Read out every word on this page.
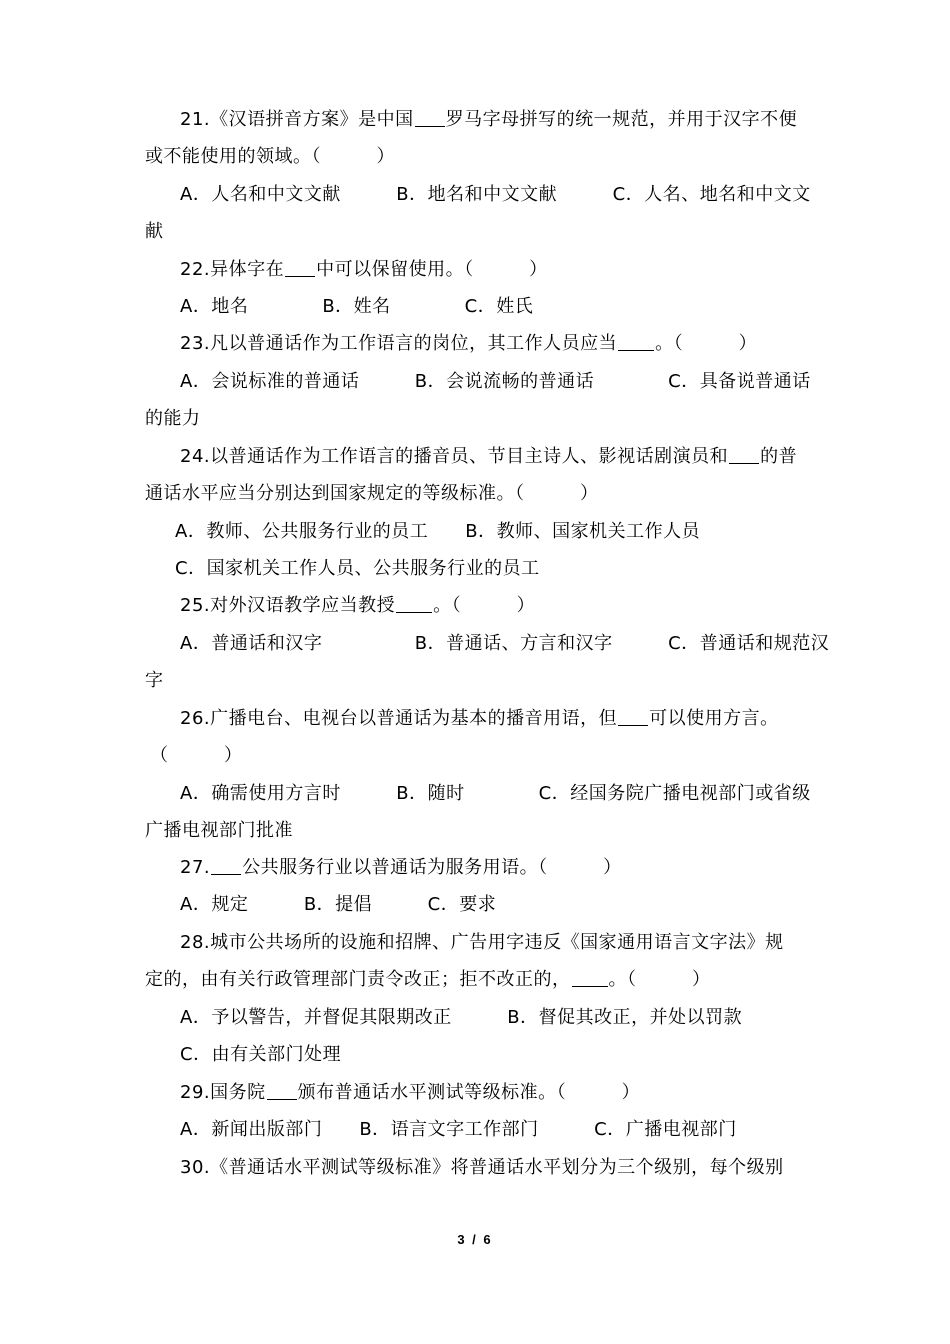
21.《汉语拼音方案》是中国 罗马字母拼写的统一规范，并用于汉字不便
或不能使用的领域。（　　　）
A．人名和中文文献　　　B．地名和中文文献　　　C．人名、地名和中文文
献
22.异体字在 中可以保留使用。（　　　）
A．地名　　　　B．姓名　　　　C．姓氏
23.凡以普通话作为工作语言的岗位，其工作人员应当 。（　　　）
A．会说标准的普通话　　　B．会说流畅的普通话　　　　C．具备说普通话
的能力
24.以普通话作为工作语言的播音员、节目主诗人、影视话剧演员和 的普
通话水平应当分别达到国家规定的等级标准。（　　　）
A．教师、公共服务行业的员工　　B．教师、国家机关工作人员
C．国家机关工作人员、公共服务行业的员工
25.对外汉语教学应当教授 。（　　　）
A．普通话和汉字　　　　　B．普通话、方言和汉字　　　C．普通话和规范汉
字
26.广播电台、电视台以普通话为基本的播音用语，但 可以使用方言。
（　　　）
A．确需使用方言时　　　B．随时　　　　C．经国务院广播电视部门或省级
广播电视部门批准
27. 公共服务行业以普通话为服务用语。（　　　）
A．规定　　　B．提倡　　　C．要求
28.城市公共场所的设施和招牌、广告用字违反《国家通用语言文字法》规
定的，由有关行政管理部门责令改正；拒不改正的， 。（　　　）
A．予以警告，并督促其限期改正　　　B．督促其改正，并处以罚款
C．由有关部门处理
29.国务院 颁布普通话水平测试等级标准。（　　　）
A．新闻出版部门　　B．语言文字工作部门　　　C．广播电视部门
30.《普通话水平测试等级标准》将普通话水平划分为三个级别，每个级别
3 / 6
